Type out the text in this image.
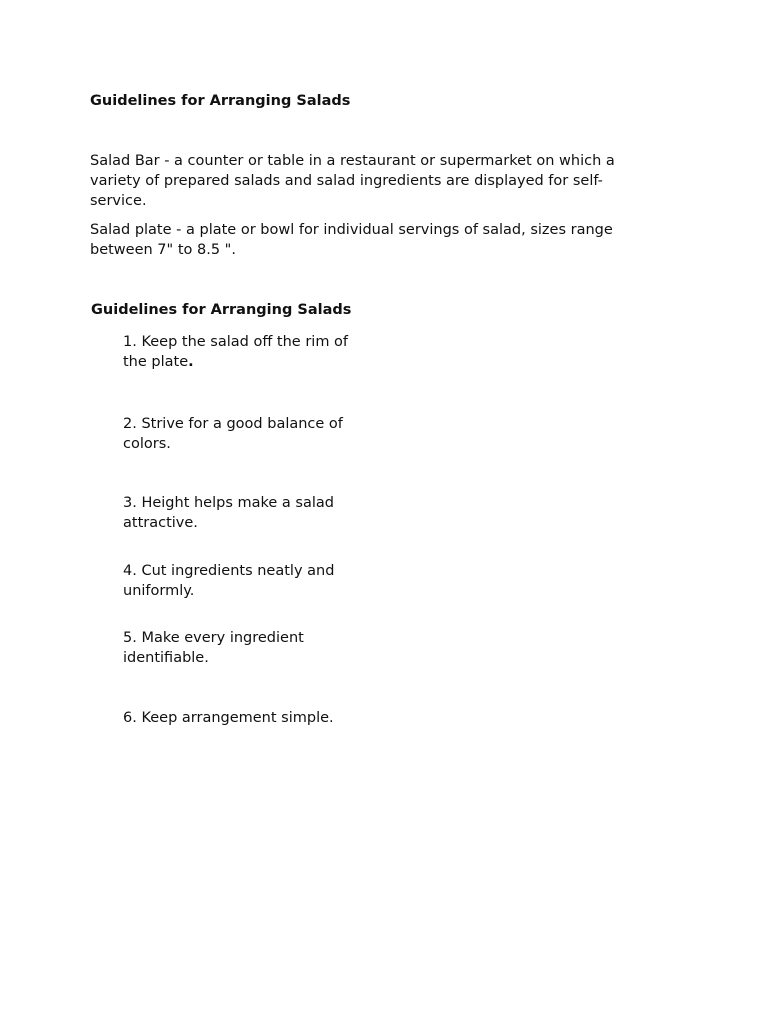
Guidelines for Arranging Salads

Salad Bar - a counter or table in a restaurant or supermarket on which a variety of prepared salads and salad ingredients are displayed for self-service.

Salad plate - a plate or bowl for individual servings of salad, sizes range between 7" to 8.5 ".

Guidelines for Arranging Salads

1. Keep the salad off the rim of the plate.

2. Strive for a good balance of colors.

3. Height helps make a salad attractive.

4. Cut ingredients neatly and uniformly.

5. Make every ingredient identifiable.

6. Keep arrangement simple.
